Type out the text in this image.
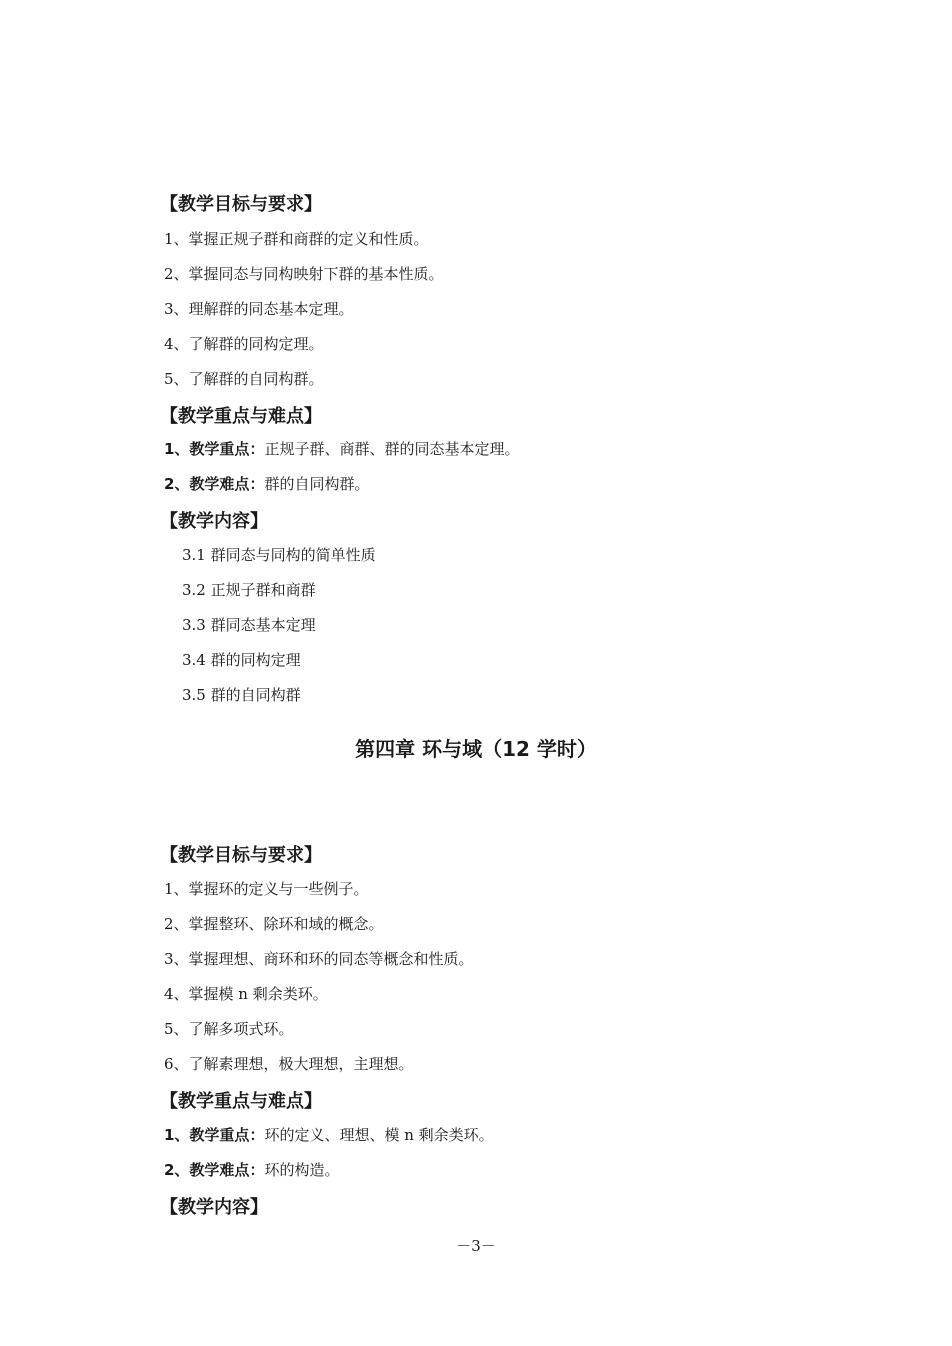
【教学目标与要求】
1、掌握正规子群和商群的定义和性质。
2、掌握同态与同构映射下群的基本性质。
3、理解群的同态基本定理。
4、了解群的同构定理。
5、了解群的自同构群。
【教学重点与难点】
1、教学重点：正规子群、商群、群的同态基本定理。
2、教学难点：群的自同构群。
【教学内容】
3.1 群同态与同构的简单性质
3.2 正规子群和商群
3.3 群同态基本定理
3.4 群的同构定理
3.5 群的自同构群
第四章 环与域（12 学时）
【教学目标与要求】
1、掌握环的定义与一些例子。
2、掌握整环、除环和域的概念。
3、掌握理想、商环和环的同态等概念和性质。
4、掌握模 n 剩余类环。
5、了解多项式环。
6、了解素理想，极大理想，主理想。
【教学重点与难点】
1、教学重点：环的定义、理想、模 n 剩余类环。
2、教学难点：环的构造。
【教学内容】
－3－
